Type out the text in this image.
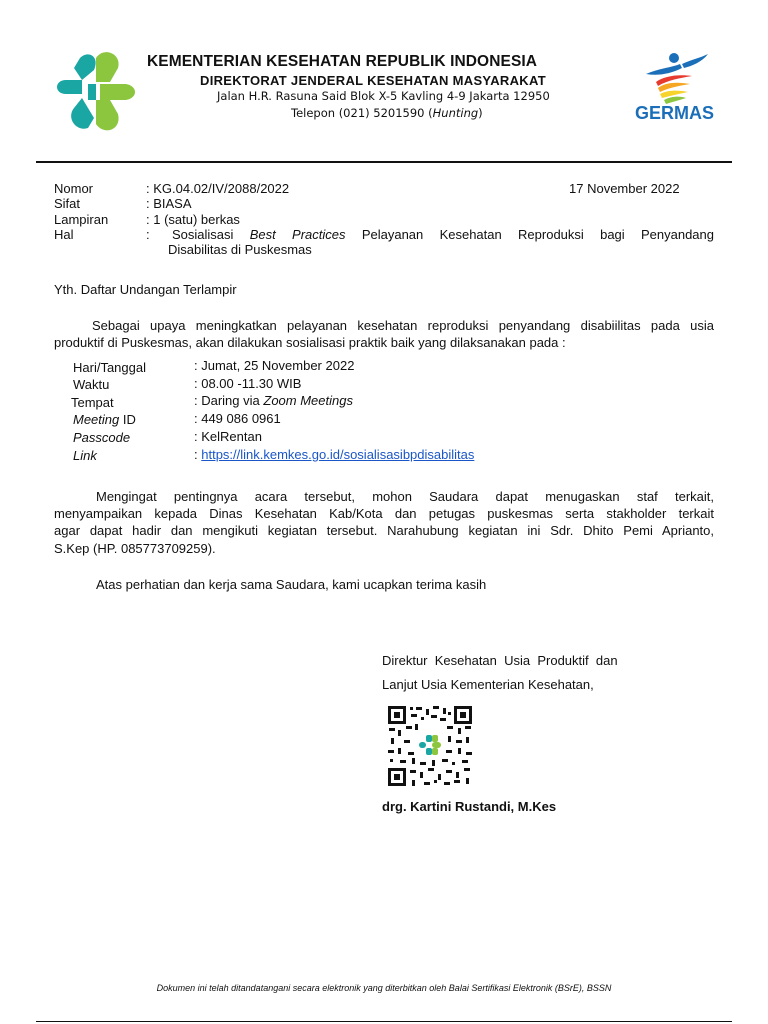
KEMENTERIAN KESEHATAN REPUBLIK INDONESIA
DIREKTORAT JENDERAL KESEHATAN MASYARAKAT
Jalan H.R. Rasuna Said Blok X-5 Kavling 4-9 Jakarta 12950
Telepon (021) 5201590 (Hunting)	GERMAS
Nomor	: KG.04.02/IV/2088/2022	17 November 2022
Sifat	: BIASA
Lampiran	: 1 (satu) berkas
Hal	: Sosialisasi Best Practices Pelayanan Kesehatan Reproduksi bagi Penyandang
Disabilitas di Puskesmas
Yth. Daftar Undangan Terlampir
Sebagai upaya meningkatkan pelayanan kesehatan reproduksi penyandang disabiilitas pada usia
produktif di Puskesmas, akan dilakukan sosialisasi praktik baik yang dilaksanakan pada :
Hari/Tanggal	: Jumat, 25 November 2022
Waktu	: 08.00 -11.30 WIB
Tempat	: Daring via Zoom Meetings
Meeting ID	: 449 086 0961
Passcode	: KelRentan
Link	: https://link.kemkes.go.id/sosialisasibpdisabilitas
Mengingat pentingnya acara tersebut, mohon Saudara dapat menugaskan staf terkait,
menyampaikan kepada Dinas Kesehatan Kab/Kota dan petugas puskesmas serta stakholder terkait
agar dapat hadir dan mengikuti kegiatan tersebut. Narahubung kegiatan ini Sdr. Dhito Pemi Aprianto,
S.Kep (HP. 085773709259).
Atas perhatian dan kerja sama Saudara, kami ucapkan terima kasih
Direktur  Kesehatan  Usia  Produktif  dan
Lanjut Usia Kementerian Kesehatan,
drg. Kartini Rustandi, M.Kes
Dokumen ini telah ditandatangani secara elektronik yang diterbitkan oleh Balai Sertifikasi Elektronik (BSrE), BSSN
